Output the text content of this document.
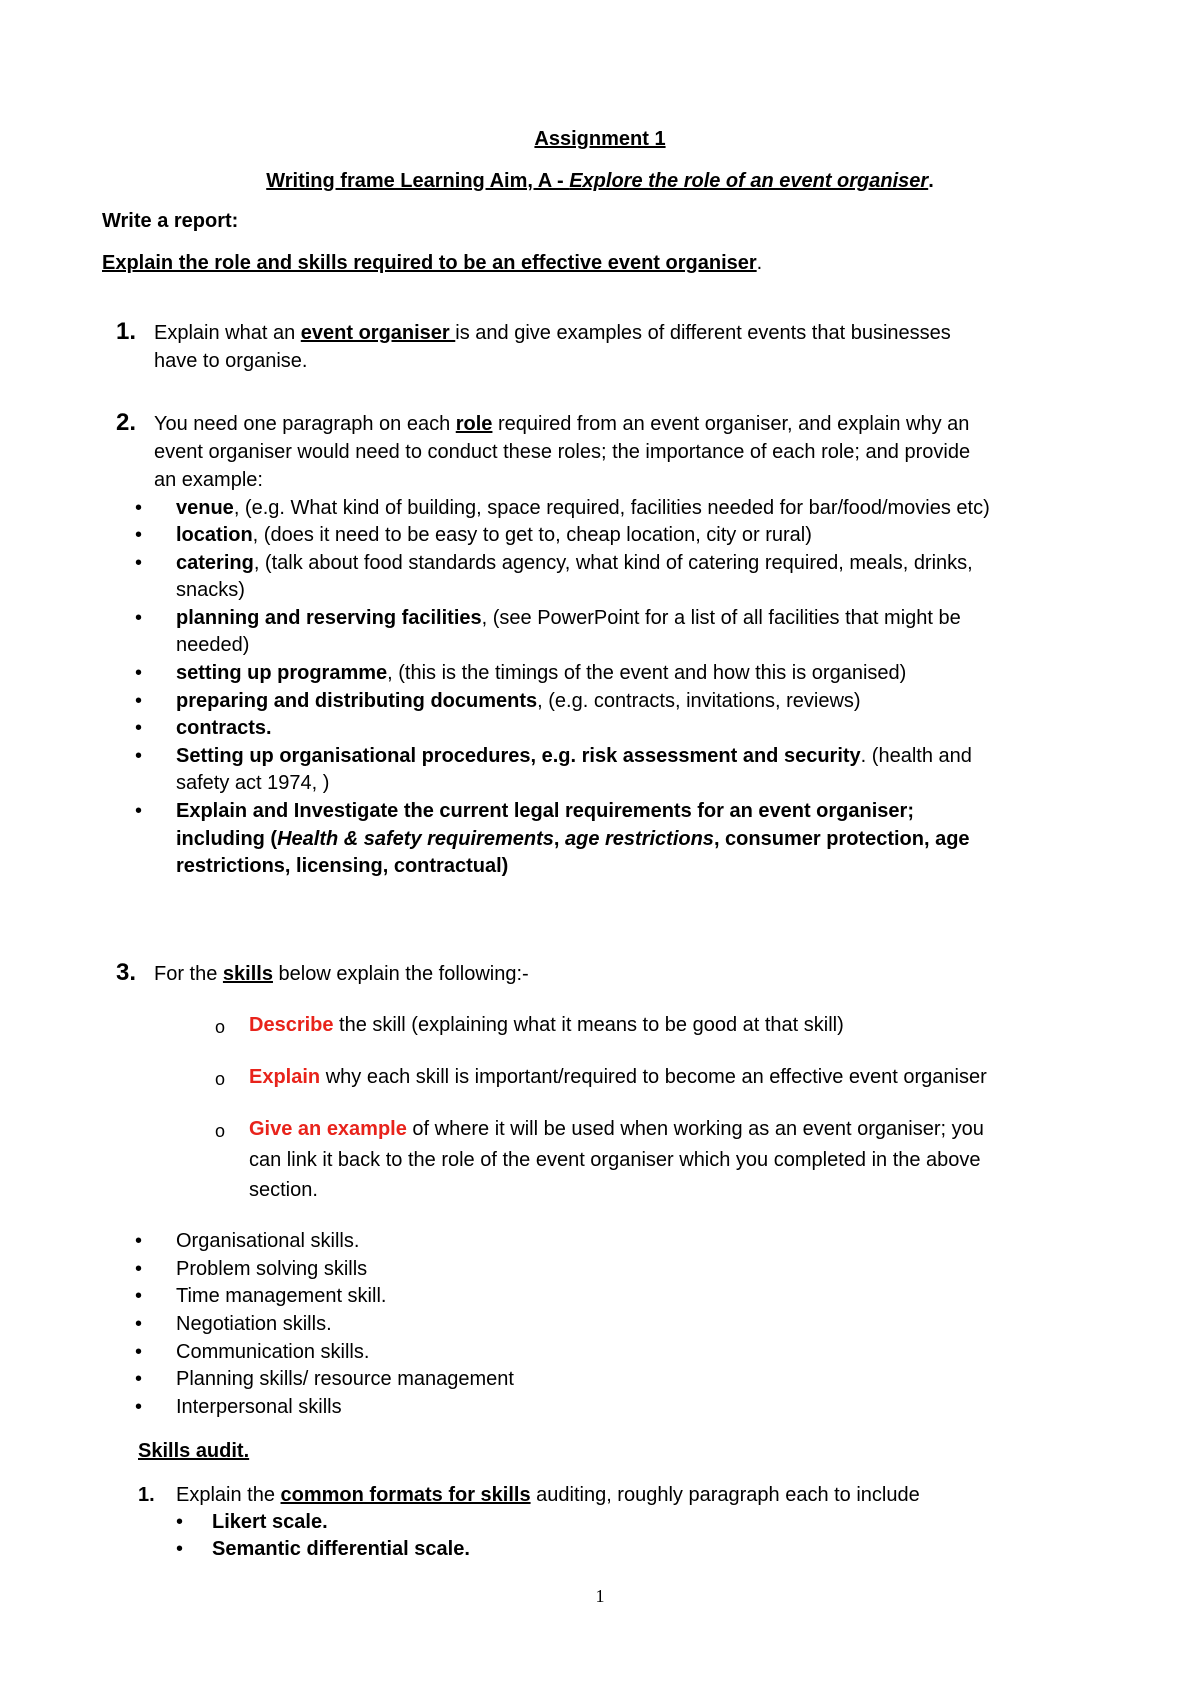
Assignment 1
Writing frame Learning Aim, A - Explore the role of an event organiser.
Write a report:
Explain the role and skills required to be an effective event organiser.
1. Explain what an event organiser is and give examples of different events that businesses
have to organise.
2. You need one paragraph on each role required from an event organiser, and explain why an
event organiser would need to conduct these roles; the importance of each role; and provide
an example:
• venue, (e.g. What kind of building, space required, facilities needed for bar/food/movies etc)
• location, (does it need to be easy to get to, cheap location, city or rural)
• catering, (talk about food standards agency, what kind of catering required, meals, drinks,
snacks)
• planning and reserving facilities, (see PowerPoint for a list of all facilities that might be
needed)
• setting up programme, (this is the timings of the event and how this is organised)
• preparing and distributing documents, (e.g. contracts, invitations, reviews)
• contracts.
• Setting up organisational procedures, e.g. risk assessment and security. (health and
safety act 1974, )
• Explain and Investigate the current legal requirements for an event organiser;
including (Health & safety requirements, age restrictions, consumer protection, age
restrictions, licensing, contractual)
3. For the skills below explain the following:-
o Describe the skill (explaining what it means to be good at that skill)
o Explain why each skill is important/required to become an effective event organiser
o Give an example of where it will be used when working as an event organiser; you
can link it back to the role of the event organiser which you completed in the above
section.
• Organisational skills.
• Problem solving skills
• Time management skill.
• Negotiation skills.
• Communication skills.
• Planning skills/ resource management
• Interpersonal skills
Skills audit.
1. Explain the common formats for skills auditing, roughly paragraph each to include
• Likert scale.
• Semantic differential scale.
1
